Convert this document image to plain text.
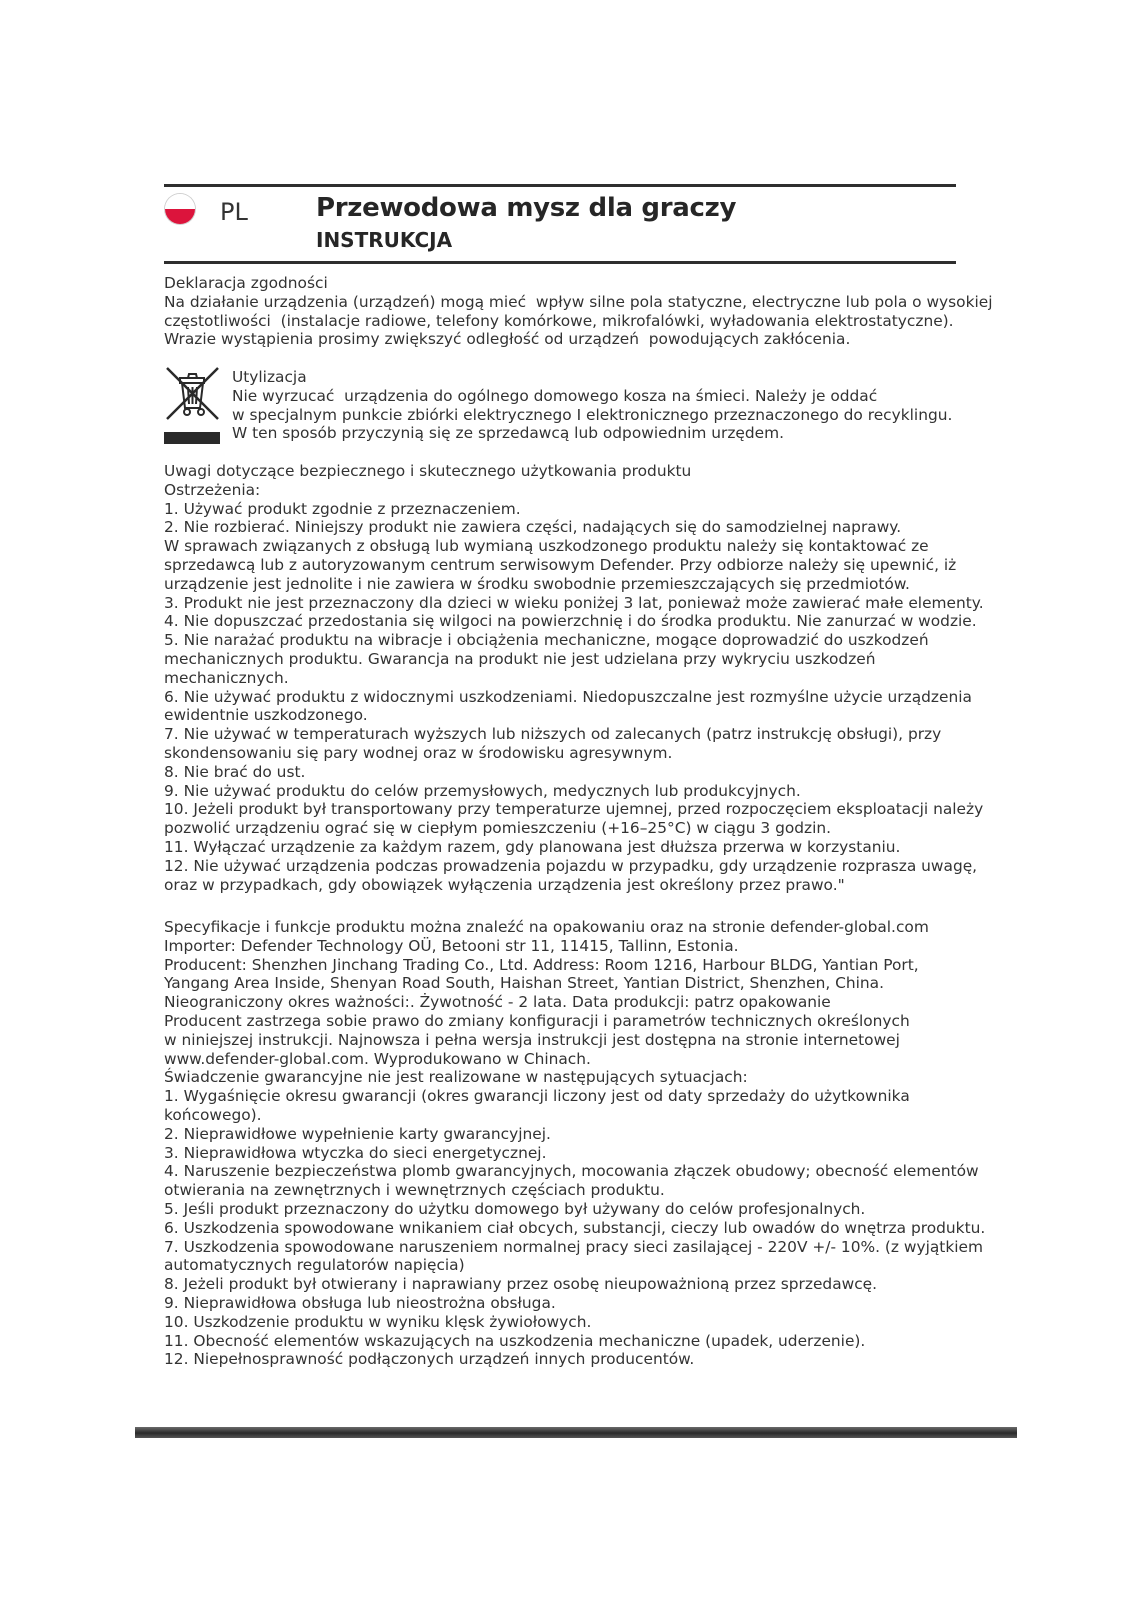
PL	Przewodowa mysz dla graczy
INSTRUKCJA
Deklaracja zgodności
Na działanie urządzenia (urządzeń) mogą mieć  wpływ silne pola statyczne, electryczne lub pola o wysokiej
częstotliwości  (instalacje radiowe, telefony komórkowe, mikrofalówki, wyładowania elektrostatyczne).
Wrazie wystąpienia prosimy zwiększyć odległość od urządzeń  powodujących zakłócenia.
Utylizacja
Nie wyrzucać  urządzenia do ogólnego domowego kosza na śmieci. Należy je oddać
w specjalnym punkcie zbiórki elektrycznego I elektronicznego przeznaczonego do recyklingu.
W ten sposób przyczynią się ze sprzedawcą lub odpowiednim urzędem.
Uwagi dotyczące bezpiecznego i skutecznego użytkowania produktu
Ostrzeżenia:
1. Używać produkt zgodnie z przeznaczeniem.
2. Nie rozbierać. Niniejszy produkt nie zawiera części, nadających się do samodzielnej naprawy.
W sprawach związanych z obsługą lub wymianą uszkodzonego produktu należy się kontaktować ze
sprzedawcą lub z autoryzowanym centrum serwisowym Defender. Przy odbiorze należy się upewnić, iż
urządzenie jest jednolite i nie zawiera w środku swobodnie przemieszczających się przedmiotów.
3. Produkt nie jest przeznaczony dla dzieci w wieku poniżej 3 lat, ponieważ może zawierać małe elementy.
4. Nie dopuszczać przedostania się wilgoci na powierzchnię i do środka produktu. Nie zanurzać w wodzie.
5. Nie narażać produktu na wibracje i obciążenia mechaniczne, mogące doprowadzić do uszkodzeń
mechanicznych produktu. Gwarancja na produkt nie jest udzielana przy wykryciu uszkodzeń
mechanicznych.
6. Nie używać produktu z widocznymi uszkodzeniami. Niedopuszczalne jest rozmyślne użycie urządzenia
ewidentnie uszkodzonego.
7. Nie używać w temperaturach wyższych lub niższych od zalecanych (patrz instrukcję obsługi), przy
skondensowaniu się pary wodnej oraz w środowisku agresywnym.
8. Nie brać do ust.
9. Nie używać produktu do celów przemysłowych, medycznych lub produkcyjnych.
10. Jeżeli produkt był transportowany przy temperaturze ujemnej, przed rozpoczęciem eksploatacji należy
pozwolić urządzeniu ograć się w ciepłym pomieszczeniu (+16–25°C) w ciągu 3 godzin.
11. Wyłączać urządzenie za każdym razem, gdy planowana jest dłuższa przerwa w korzystaniu.
12. Nie używać urządzenia podczas prowadzenia pojazdu w przypadku, gdy urządzenie rozprasza uwagę,
oraz w przypadkach, gdy obowiązek wyłączenia urządzenia jest określony przez prawo."
Specyfikacje i funkcje produktu można znaleźć na opakowaniu oraz na stronie defender-global.com
Importer: Defender Technology OÜ, Betooni str 11, 11415, Tallinn, Estonia.
Producent: Shenzhen Jinchang Trading Co., Ltd. Address: Room 1216, Harbour BLDG, Yantian Port,
Yangang Area Inside, Shenyan Road South, Haishan Street, Yantian District, Shenzhen, China.
Nieograniczony okres ważności:. Żywotność - 2 lata. Data produkcji: patrz opakowanie
Producent zastrzega sobie prawo do zmiany konfiguracji i parametrów technicznych określonych
w niniejszej instrukcji. Najnowsza i pełna wersja instrukcji jest dostępna na stronie internetowej
www.defender-global.com. Wyprodukowano w Chinach.
Świadczenie gwarancyjne nie jest realizowane w następujących sytuacjach:
1. Wygaśnięcie okresu gwarancji (okres gwarancji liczony jest od daty sprzedaży do użytkownika
końcowego).
2. Nieprawidłowe wypełnienie karty gwarancyjnej.
3. Nieprawidłowa wtyczka do sieci energetycznej.
4. Naruszenie bezpieczeństwa plomb gwarancyjnych, mocowania złączek obudowy; obecność elementów
otwierania na zewnętrznych i wewnętrznych częściach produktu.
5. Jeśli produkt przeznaczony do użytku domowego był używany do celów profesjonalnych.
6. Uszkodzenia spowodowane wnikaniem ciał obcych, substancji, cieczy lub owadów do wnętrza produktu.
7. Uszkodzenia spowodowane naruszeniem normalnej pracy sieci zasilającej - 220V +/- 10%. (z wyjątkiem
automatycznych regulatorów napięcia)
8. Jeżeli produkt był otwierany i naprawiany przez osobę nieupoważnioną przez sprzedawcę.
9. Nieprawidłowa obsługa lub nieostrożna obsługa.
10. Uszkodzenie produktu w wyniku klęsk żywiołowych.
11. Obecność elementów wskazujących na uszkodzenia mechaniczne (upadek, uderzenie).
12. Niepełnosprawność podłączonych urządzeń innych producentów.
